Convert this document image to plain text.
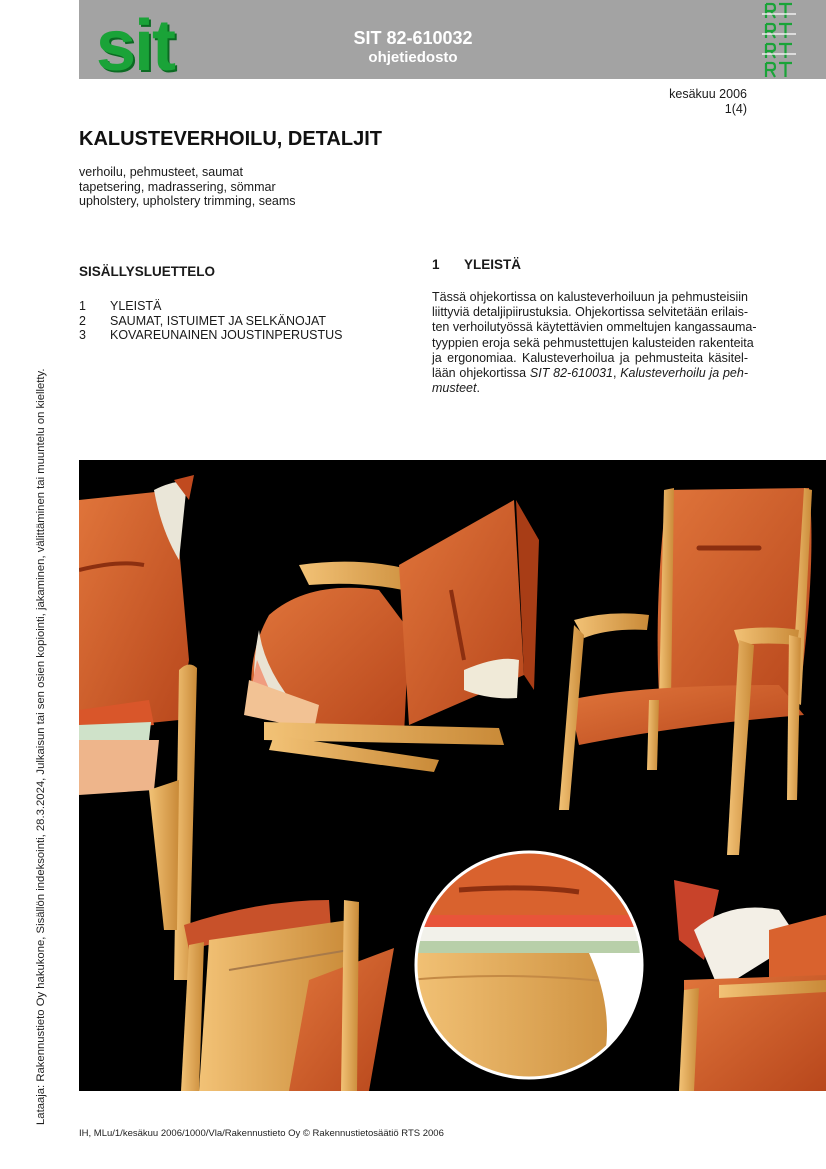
sit	SIT 82-610032
ohjetiedosto
kesäkuu 2006
1(4)
KALUSTEVERHOILU, DETALJIT
verhoilu, pehmusteet, saumat
tapetsering, madrassering, sömmar
upholstery, upholstery trimming, seams
SISÄLLYSLUETTELO
1	YLEISTÄ
2	SAUMAT, ISTUIMET JA SELKÄNOJAT
3	KOVAREUNAINEN JOUSTINPERUSTUS
1	YLEISTÄ
Tässä ohjekortissa on kalusteverhoiluun ja pehmusteisiin
liittyviä detaljipiirustuksia. Ohjekortissa selvitetään erilais-
ten verhoilutyössä käytettävien ommeltujen kangassauma-
tyyppien eroja sekä pehmustettujen kalusteiden rakenteita
ja ergonomiaa. Kalusteverhoilua ja pehmusteita käsitel-
lään ohjekortissa SIT 82-610031, Kalusteverhoilu ja peh-
musteet.
Lataaja: Rakennustieto Oy hakukone, Sisällön indeksointi, 28.3.2024, Julkaisun tai sen osien kopiointi, jakaminen, välittäminen tai muuntelu on kielletty.
IH, MLu/1/kesäkuu 2006/1000/Vla/Rakennustieto Oy © Rakennustietosäätiö RTS 2006
